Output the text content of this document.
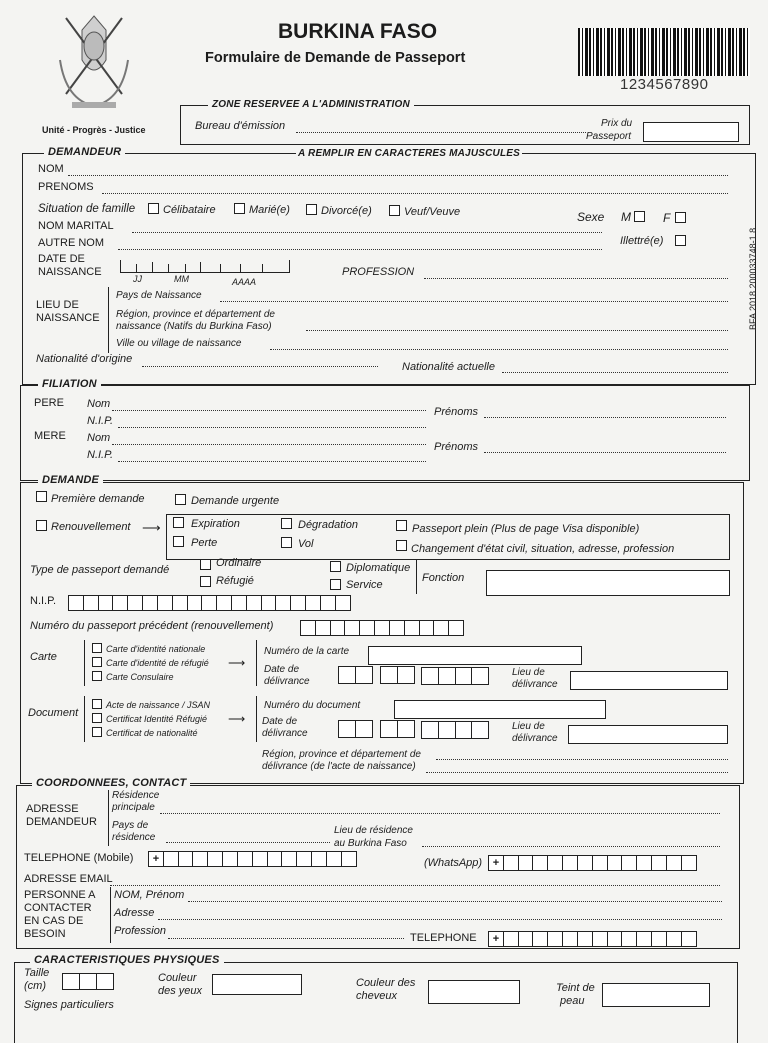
Unité - Progrès - Justice
BURKINA FASO
Formulaire de Demande de Passeport
1234567890
BFA 2018 200033748-1.8
ZONE RESERVEE A L'ADMINISTRATION
Bureau d'émission	Prix du
Passeport
DEMANDEUR	A REMPLIR EN CARACTERES MAJUSCULES
NOM
PRENOMS
Situation de famille	Célibataire	Marié(e)	Divorcé(e)	Veuf/Veuve	Sexe M	F
NOM MARITAL
AUTRE NOM	Illettré(e)
DATE DE
NAISSANCE
JJ	MM	AAAA
PROFESSION
LIEU DE
NAISSANCE
Pays de Naissance
Région, province et département de
naissance (Natifs du Burkina Faso)
Ville ou village de naissance
Nationalité d'origine
Nationalité actuelle
FILIATION
PERE Nom
Prénoms
N.I.P.
MERE Nom
Prénoms
N.I.P.
DEMANDE
Première demande	Demande urgente
Renouvellement ⟶	Expiration	Dégradation	Passeport plein (Plus de page Visa disponible)
Perte	Vol	Changement d'état civil, situation, adresse, profession
Type de passeport demandé
Ordinaire
Réfugié
Diplomatique
Service
Fonction
N.I.P.
Numéro du passeport précédent (renouvellement)
Carte
Carte d'identité nationale
Carte d'identité de réfugié ⟶
Carte Consulaire
Numéro de la carte
Date de
délivrance
Lieu de
délivrance
Document
Acte de naissance / JSAN
Certificat Identité Réfugié ⟶
Certificat de nationalité
Numéro du document
Date de
délivrance
Lieu de
délivrance
Région, province et département de
délivrance (de l'acte de naissance)
COORDONNEES, CONTACT
ADRESSE
DEMANDEUR
Résidence
principale
Pays de
résidence
Lieu de résidence
au Burkina Faso
TELEPHONE (Mobile)	+	(WhatsApp) +
ADRESSE EMAIL
PERSONNE A
CONTACTER
EN CAS DE
BESOIN
NOM, Prénom
Adresse
Profession
TELEPHONE	+
CARACTERISTIQUES PHYSIQUES
Taille
(cm)
Couleur
des yeux
Couleur des
cheveux
Teint de
peau
Signes particuliers
